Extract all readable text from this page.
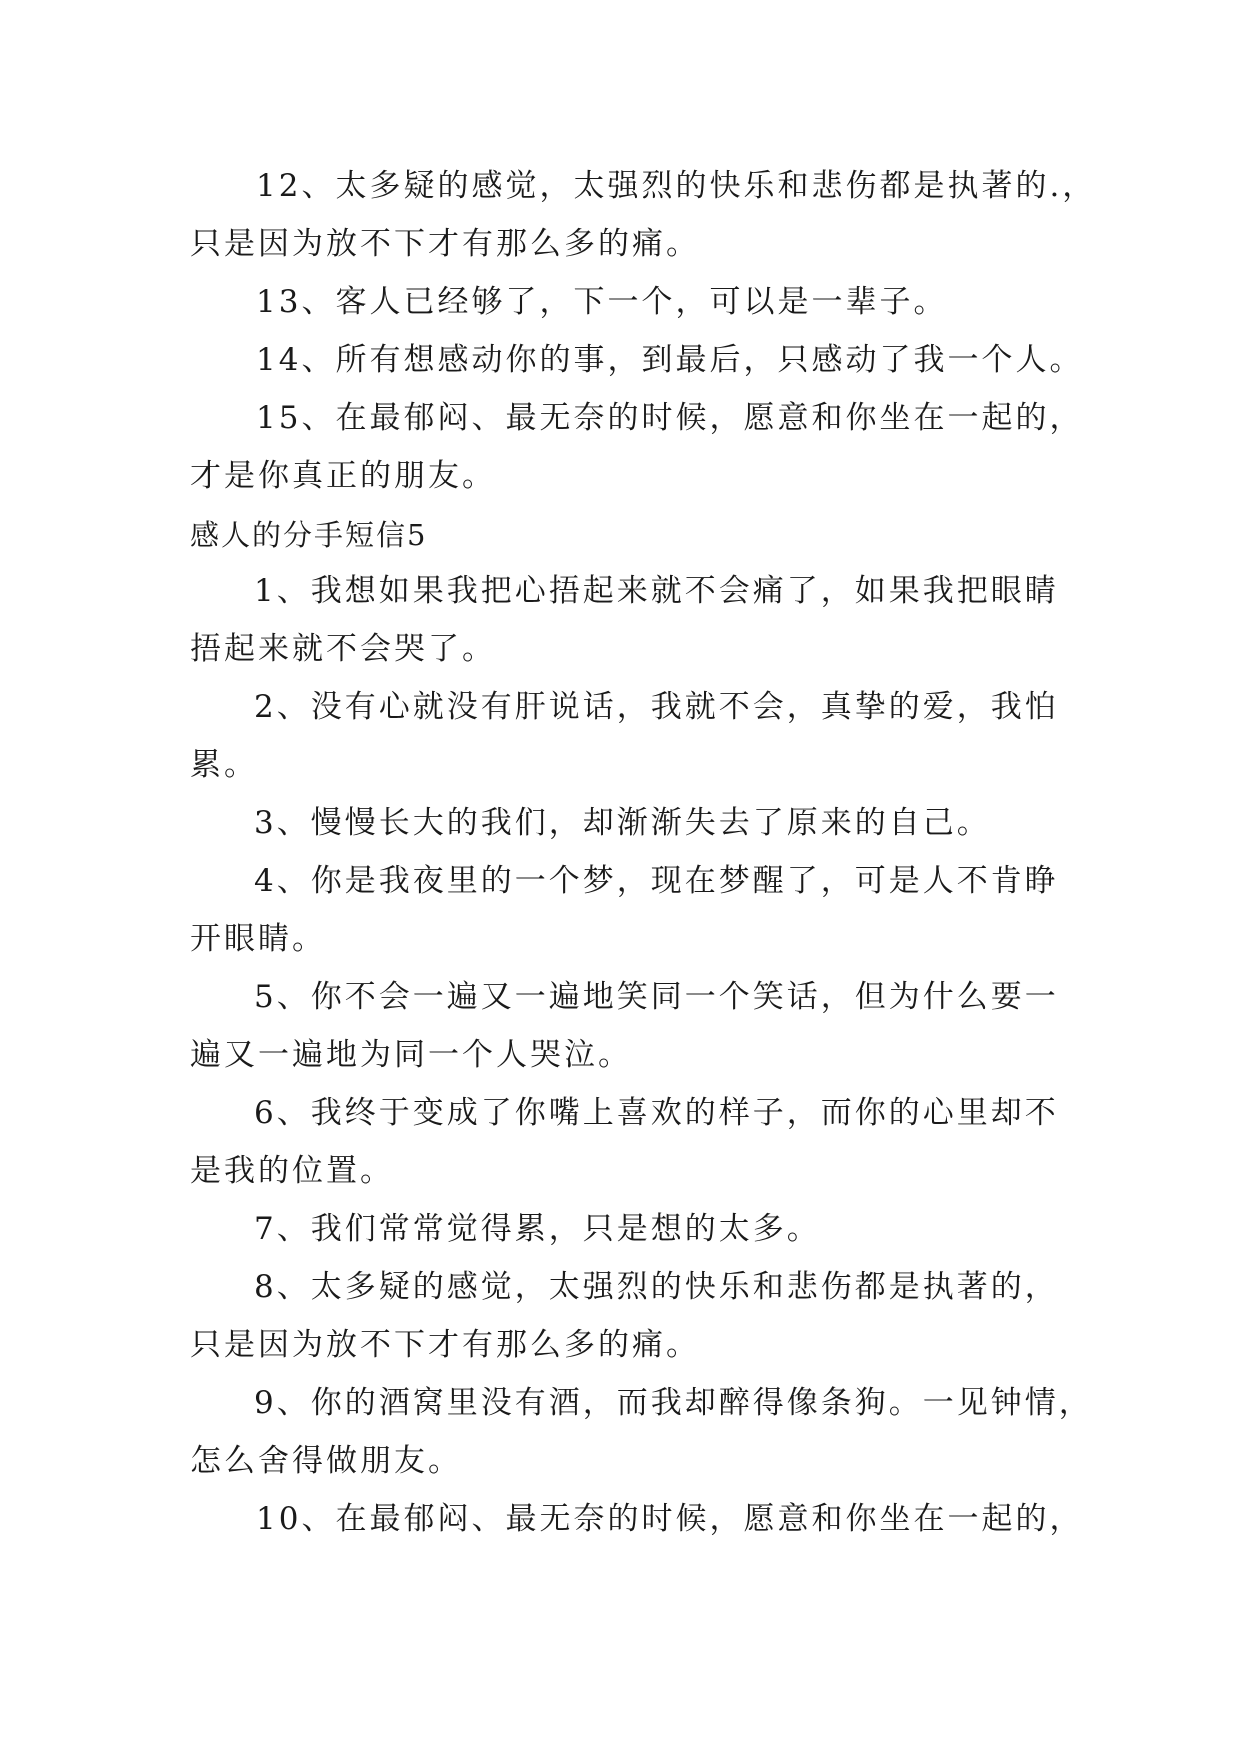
12、太多疑的感觉，太强烈的快乐和悲伤都是执著的.，
只是因为放不下才有那么多的痛。
13、客人已经够了，下一个，可以是一辈子。
14、所有想感动你的事，到最后，只感动了我一个人。
15、在最郁闷、最无奈的时候，愿意和你坐在一起的，
才是你真正的朋友。
感人的分手短信5
1、我想如果我把心捂起来就不会痛了，如果我把眼睛
捂起来就不会哭了。
2、没有心就没有肝说话，我就不会，真挚的爱，我怕
累。
3、慢慢长大的我们，却渐渐失去了原来的自己。
4、你是我夜里的一个梦，现在梦醒了，可是人不肯睁
开眼睛。
5、你不会一遍又一遍地笑同一个笑话，但为什么要一
遍又一遍地为同一个人哭泣。
6、我终于变成了你嘴上喜欢的样子，而你的心里却不
是我的位置。
7、我们常常觉得累，只是想的太多。
8、太多疑的感觉，太强烈的快乐和悲伤都是执著的，
只是因为放不下才有那么多的痛。
9、你的酒窝里没有酒，而我却醉得像条狗。一见钟情，
怎么舍得做朋友。
10、在最郁闷、最无奈的时候，愿意和你坐在一起的，
